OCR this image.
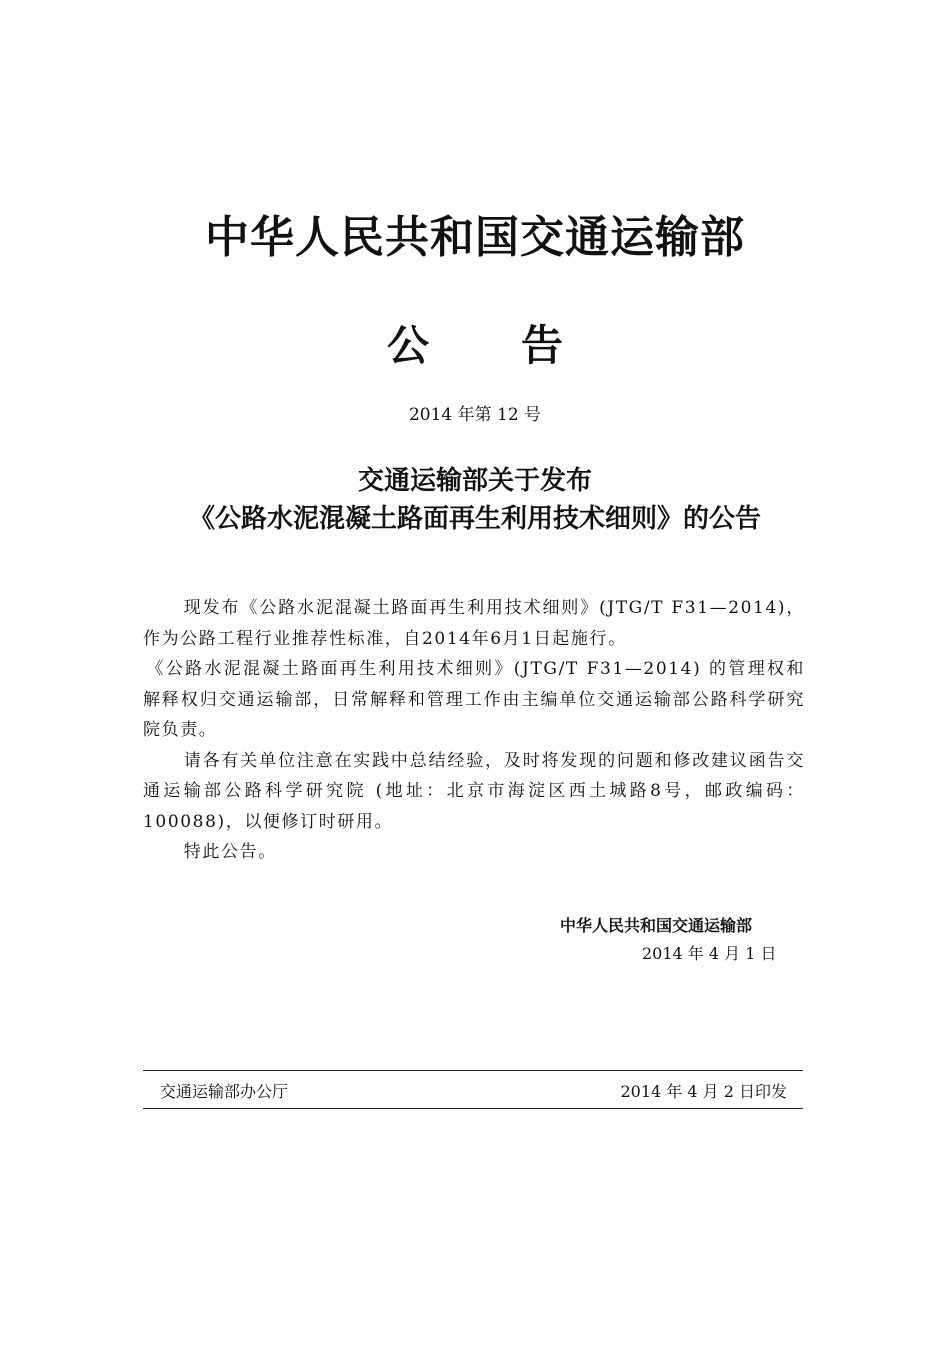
中华人民共和国交通运输部
公 告
2014 年第 12 号
交通运输部关于发布
《公路水泥混凝土路面再生利用技术细则》的公告

现发布《公路水泥混凝土路面再生利用技术细则》(JTG/T F31—2014)，作为公路工程行业推荐性标准，自2014年6月1日起施行。

《公路水泥混凝土路面再生利用技术细则》(JTG/T F31—2014) 的管理权和解释权归交通运输部，日常解释和管理工作由主编单位交通运输部公路科学研究院负责。

请各有关单位注意在实践中总结经验，及时将发现的问题和修改建议函告交通运输部公路科学研究院 (地址：北京市海淀区西土城路8号，邮政编码：100088)，以便修订时研用。

特此公告。

中华人民共和国交通运输部
2014 年 4 月 1 日
交通运输部办公厅	2014 年 4 月 2 日印发
